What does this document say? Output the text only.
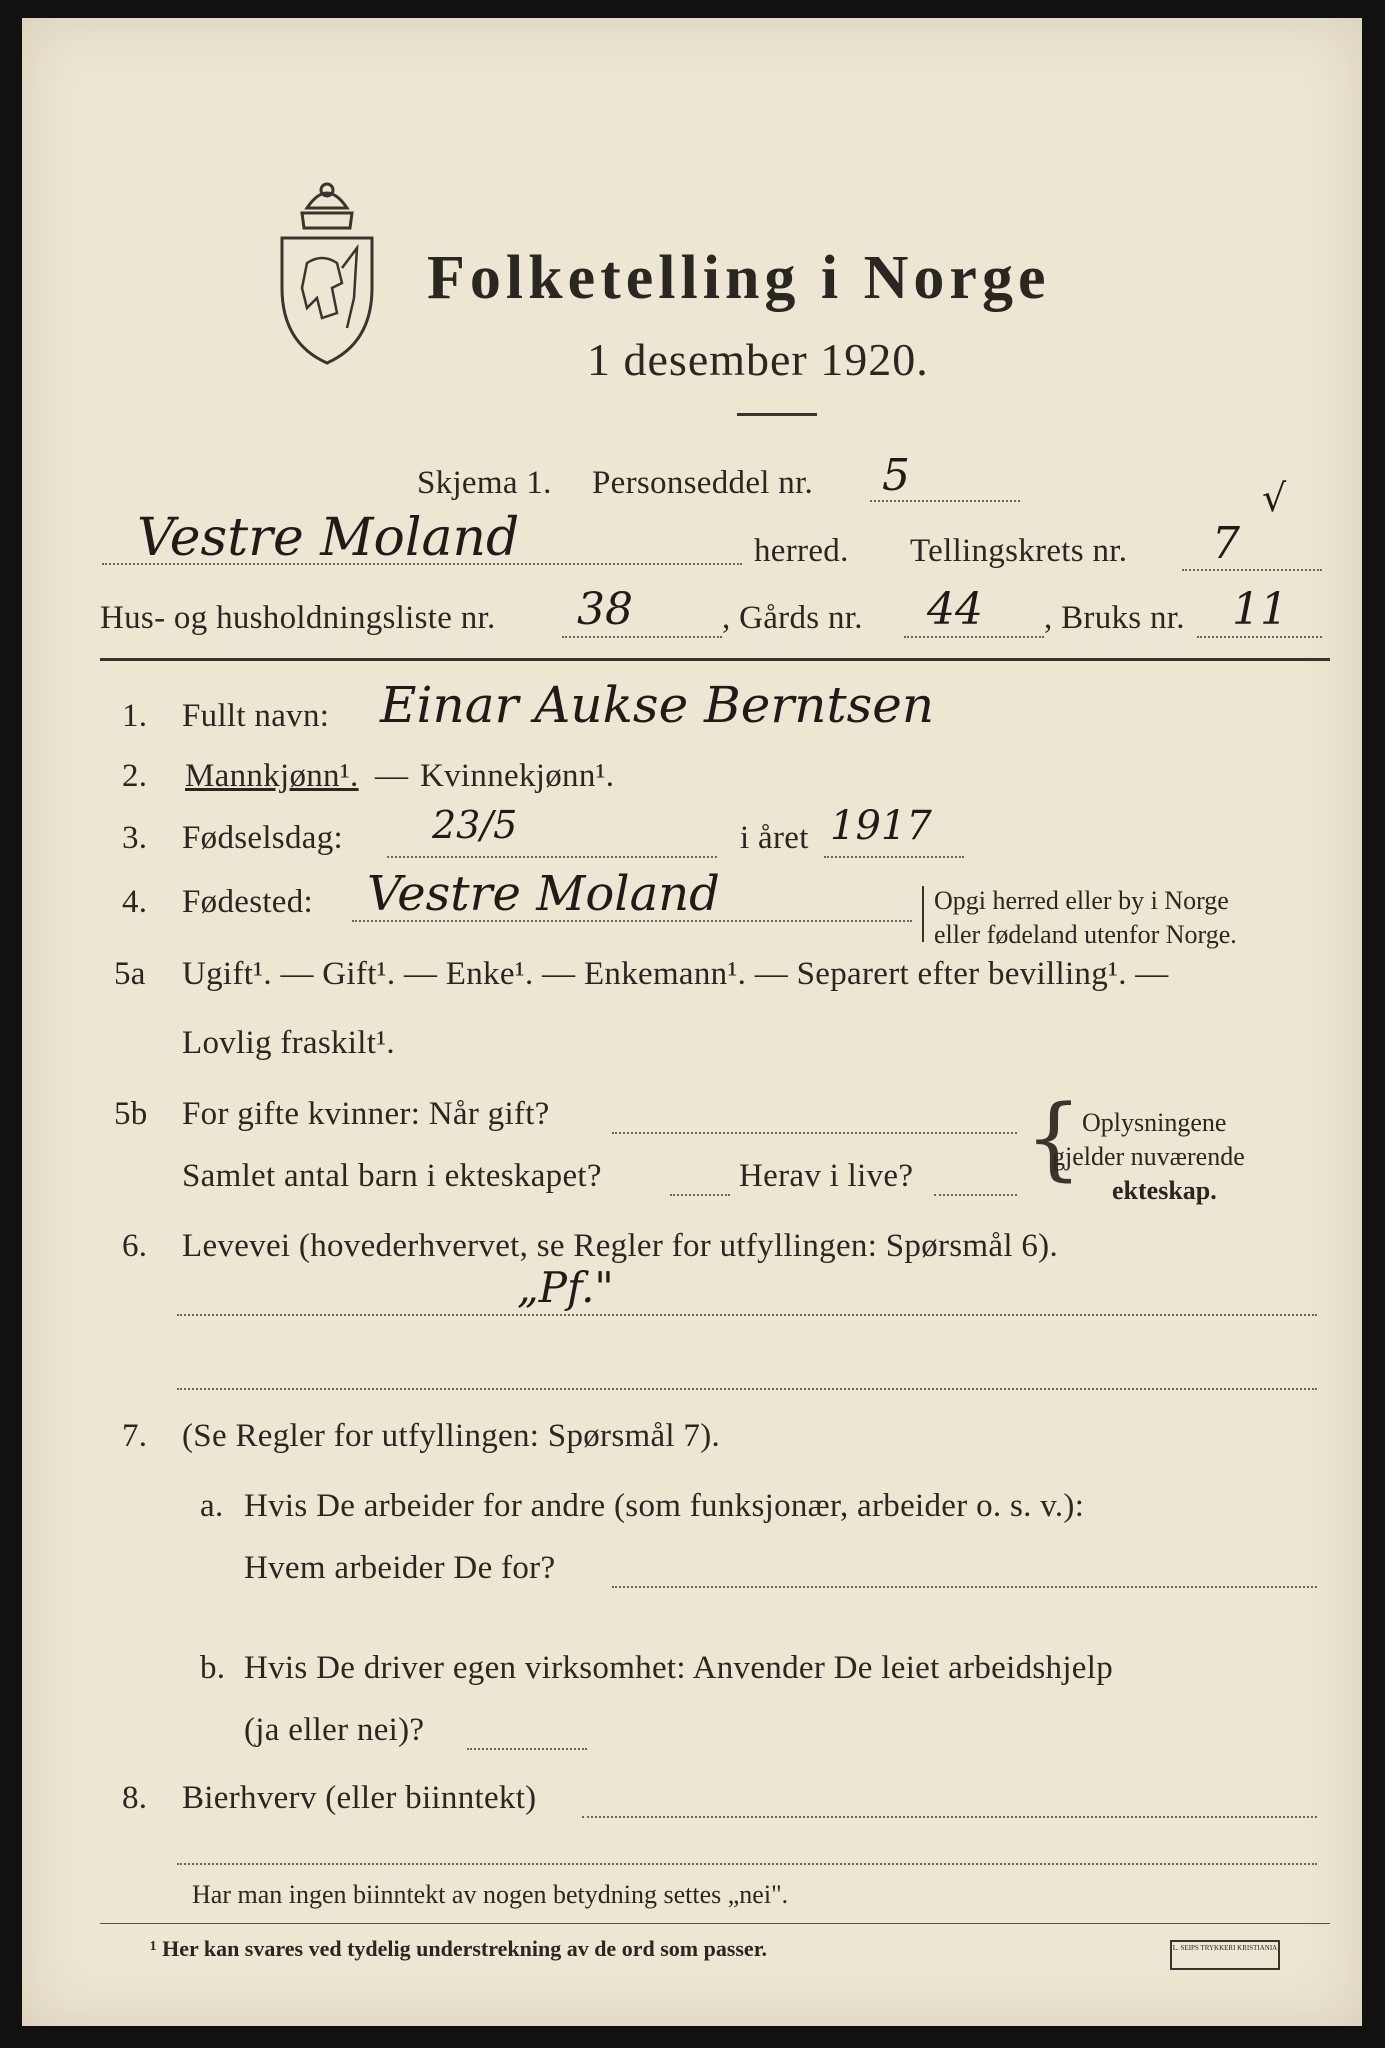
Folketelling i Norge
1 desember 1920.
Skjema 1. Personseddel nr. 5
Vestre Moland	herred. Tellingskrets nr. 7
√
Hus- og husholdningsliste nr. 38	, Gårds nr. 44 , Bruks nr. 11
1. Fullt navn: Einar Aukse Berntsen
2. Mannkjønn¹. — Kvinnekjønn¹.
3. Fødselsdag: 23/5	i året 1917
4. Fødested: Vestre Moland	Opgi herred eller by i Norge
eller fødeland utenfor Norge.
5a Ugift¹. — Gift¹. — Enke¹. — Enkemann¹. — Separert efter bevilling¹. —
Lovlig fraskilt¹.
5b For gifte kvinner: Når gift?
Samlet antal barn i ekteskapet?	Herav i live? { Oplysningene
gjelder nuværende
ekteskap.
6. Levevei (hovederhvervet, se Regler for utfyllingen: Spørsmål 6).
„Pf."
7. (Se Regler for utfyllingen: Spørsmål 7).
a. Hvis De arbeider for andre (som funksjonær, arbeider o. s. v.):
Hvem arbeider De for?
b. Hvis De driver egen virksomhet: Anvender De leiet arbeidshjelp
(ja eller nei)?
8. Bierhverv (eller biinntekt)
Har man ingen biinntekt av nogen betydning settes „nei".
¹ Her kan svares ved tydelig understrekning av de ord som passer.	L. SEIPS TRYKKERI KRISTIANIA
